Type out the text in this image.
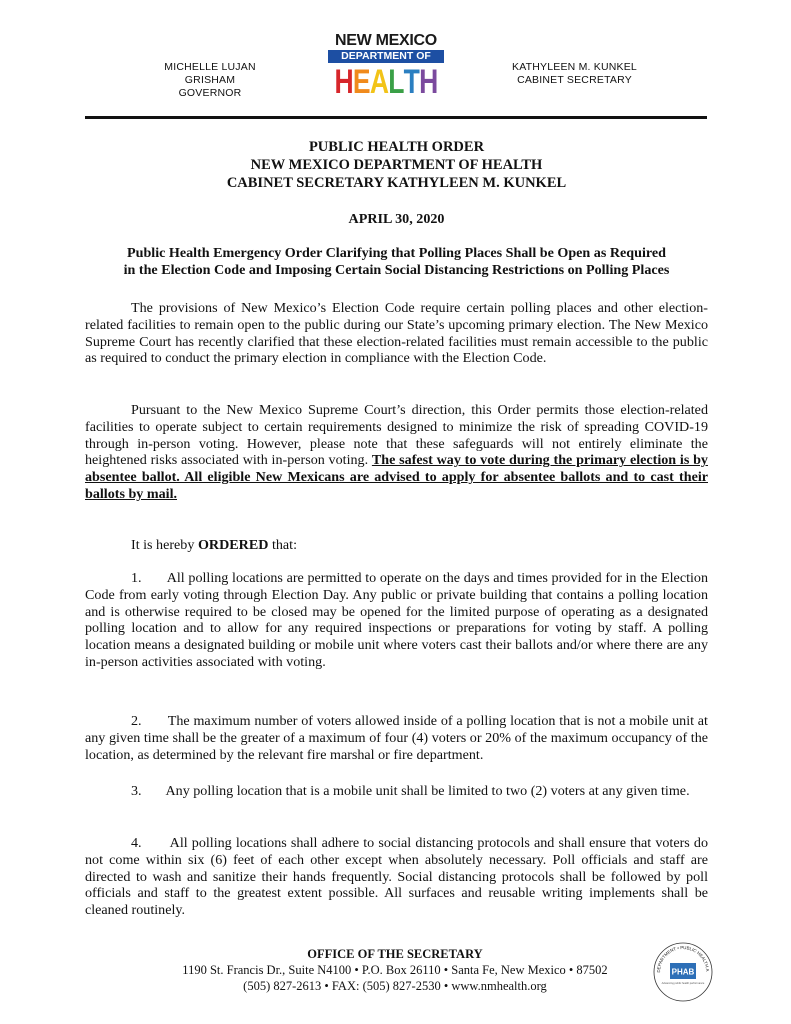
MICHELLE LUJAN GRISHAM
GOVERNOR
NEW MEXICO
DEPARTMENT OF
H E A L T H	KATHYLEEN M. KUNKEL
CABINET SECRETARY
PUBLIC HEALTH ORDER
NEW MEXICO DEPARTMENT OF HEALTH
CABINET SECRETARY KATHYLEEN M. KUNKEL
APRIL 30, 2020
Public Health Emergency Order Clarifying that Polling Places Shall be Open as Required
in the Election Code and Imposing Certain Social Distancing Restrictions on Polling Places
The provisions of New Mexico’s Election Code require certain polling places and other election-related facilities to remain open to the public during our State’s upcoming primary election. The New Mexico Supreme Court has recently clarified that these election-related facilities must remain accessible to the public as required to conduct the primary election in compliance with the Election Code.
Pursuant to the New Mexico Supreme Court’s direction, this Order permits those election-related facilities to operate subject to certain requirements designed to minimize the risk of spreading COVID-19 through in-person voting. However, please note that these safeguards will not entirely eliminate the heightened risks associated with in-person voting. The safest way to vote during the primary election is by absentee ballot. All eligible New Mexicans are advised to apply for absentee ballots and to cast their ballots by mail.
It is hereby ORDERED that:
1. All polling locations are permitted to operate on the days and times provided for in the Election Code from early voting through Election Day. Any public or private building that contains a polling location and is otherwise required to be closed may be opened for the limited purpose of operating as a designated polling location and to allow for any required inspections or preparations for voting by staff. A polling location means a designated building or mobile unit where voters cast their ballots and/or where there are any in-person activities associated with voting.
2. The maximum number of voters allowed inside of a polling location that is not a mobile unit at any given time shall be the greater of a maximum of four (4) voters or 20% of the maximum occupancy of the location, as determined by the relevant fire marshal or fire department.
3. Any polling location that is a mobile unit shall be limited to two (2) voters at any given time.
4. All polling locations shall adhere to social distancing protocols and shall ensure that voters do not come within six (6) feet of each other except when absolutely necessary. Poll officials and staff are directed to wash and sanitize their hands frequently. Social distancing protocols shall be followed by poll officials and staff to the greatest extent possible. All surfaces and reusable writing implements shall be cleaned routinely.
OFFICE OF THE SECRETARY
1190 St. Francis Dr., Suite N4100 • P.O. Box 26110 • Santa Fe, New Mexico • 87502
(505) 827-2613 • FAX: (505) 827-2530 • www.nmhealth.org
DEPARTMENT • PUBLIC HEALTH A
PHAB
Advancing public health performance
